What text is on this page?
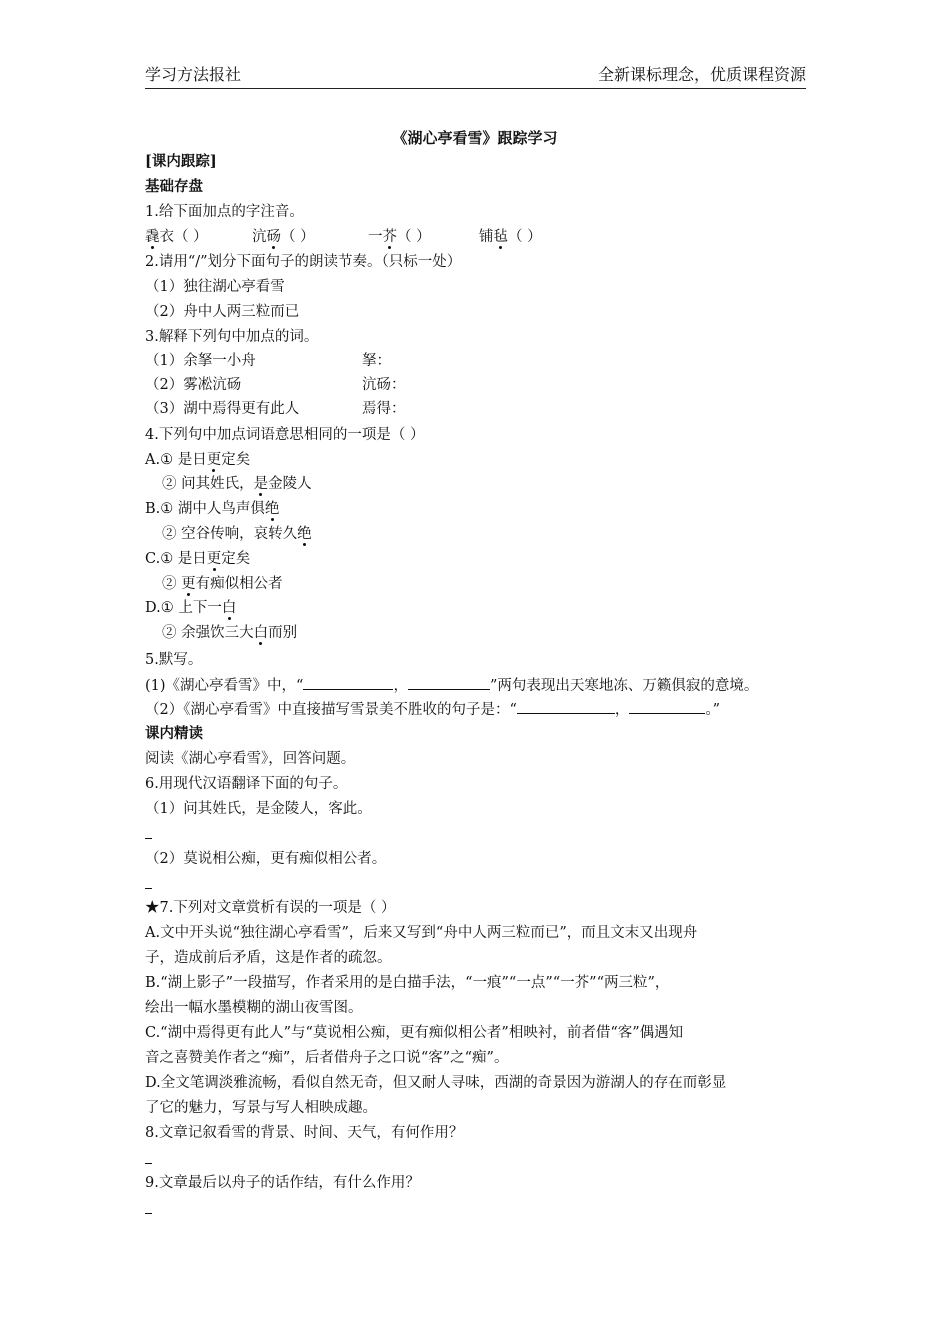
学习方法报社	全新课标理念，优质课程资源
《湖心亭看雪》跟踪学习
[课内跟踪]
基础存盘
1.给下面加点的字注音。
毳衣（ ）	沆砀（ ）	一芥（ ）	铺毡（ ）
2.请用“/”划分下面句子的朗读节奏。（只标一处）
（1）独往湖心亭看雪
（2）舟中人两三粒而已
3.解释下列句中加点的词。
（1）余拏一小舟	拏：
（2）雾凇沆砀	沆砀：
（3）湖中焉得更有此人	焉得：
4.下列句中加点词语意思相同的一项是（ ）
A.① 是日更定矣
② 问其姓氏，是金陵人
B.① 湖中人鸟声俱绝
② 空谷传响，哀转久绝
C.① 是日更定矣
② 更有痴似相公者
D.① 上下一白
② 余强饮三大白而别
5.默写。
(1)《湖心亭看雪》中，“	，	”两句表现出天寒地冻、万籁俱寂的意境。
（2）《湖心亭看雪》中直接描写雪景美不胜收的句子是：“	，	。”
课内精读
阅读《湖心亭看雪》，回答问题。
6.用现代汉语翻译下面的句子。
（1）问其姓氏，是金陵人，客此。
（2）莫说相公痴，更有痴似相公者。
★7.下列对文章赏析有误的一项是（ ）
A.文中开头说“独往湖心亭看雪”，后来又写到“舟中人两三粒而已”，而且文末又出现舟
子，造成前后矛盾，这是作者的疏忽。
B.“湖上影子”一段描写，作者采用的是白描手法，“一痕”“一点”“一芥”“两三粒”，
绘出一幅水墨模糊的湖山夜雪图。
C.“湖中焉得更有此人”与“莫说相公痴，更有痴似相公者”相映衬，前者借“客”偶遇知
音之喜赞美作者之“痴”，后者借舟子之口说“客”之“痴”。
D.全文笔调淡雅流畅，看似自然无奇，但又耐人寻味，西湖的奇景因为游湖人的存在而彰显
了它的魅力，写景与写人相映成趣。
8.文章记叙看雪的背景、时间、天气，有何作用？
9.文章最后以舟子的话作结，有什么作用？
